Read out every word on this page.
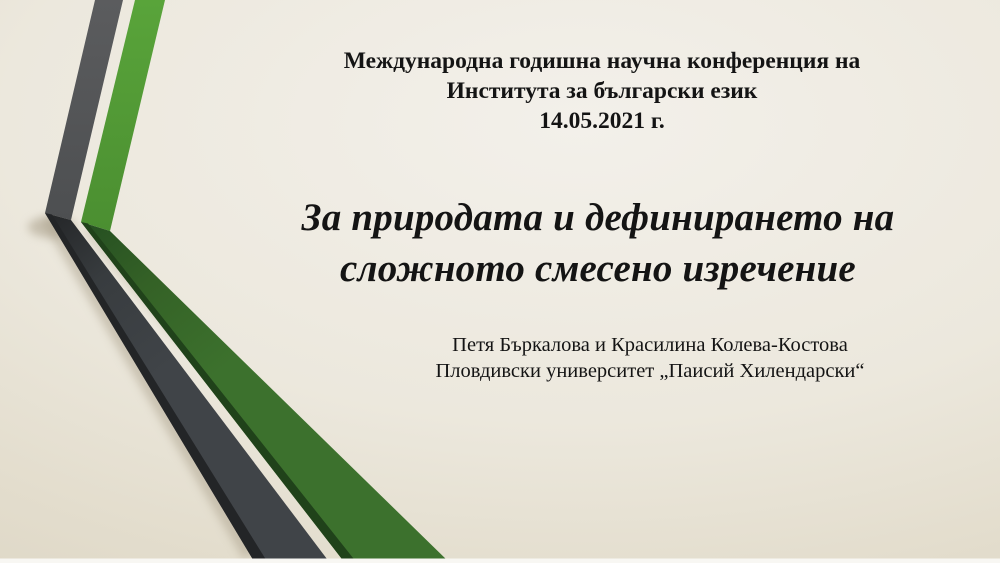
Международна годишна научна конференция на
Института за български език
14.05.2021 г.
За природата и дефинирането на
сложното смесено изречение
Петя Бъркалова и Красилина Колева-Костова
Пловдивски университет „Паисий Хилендарски“
